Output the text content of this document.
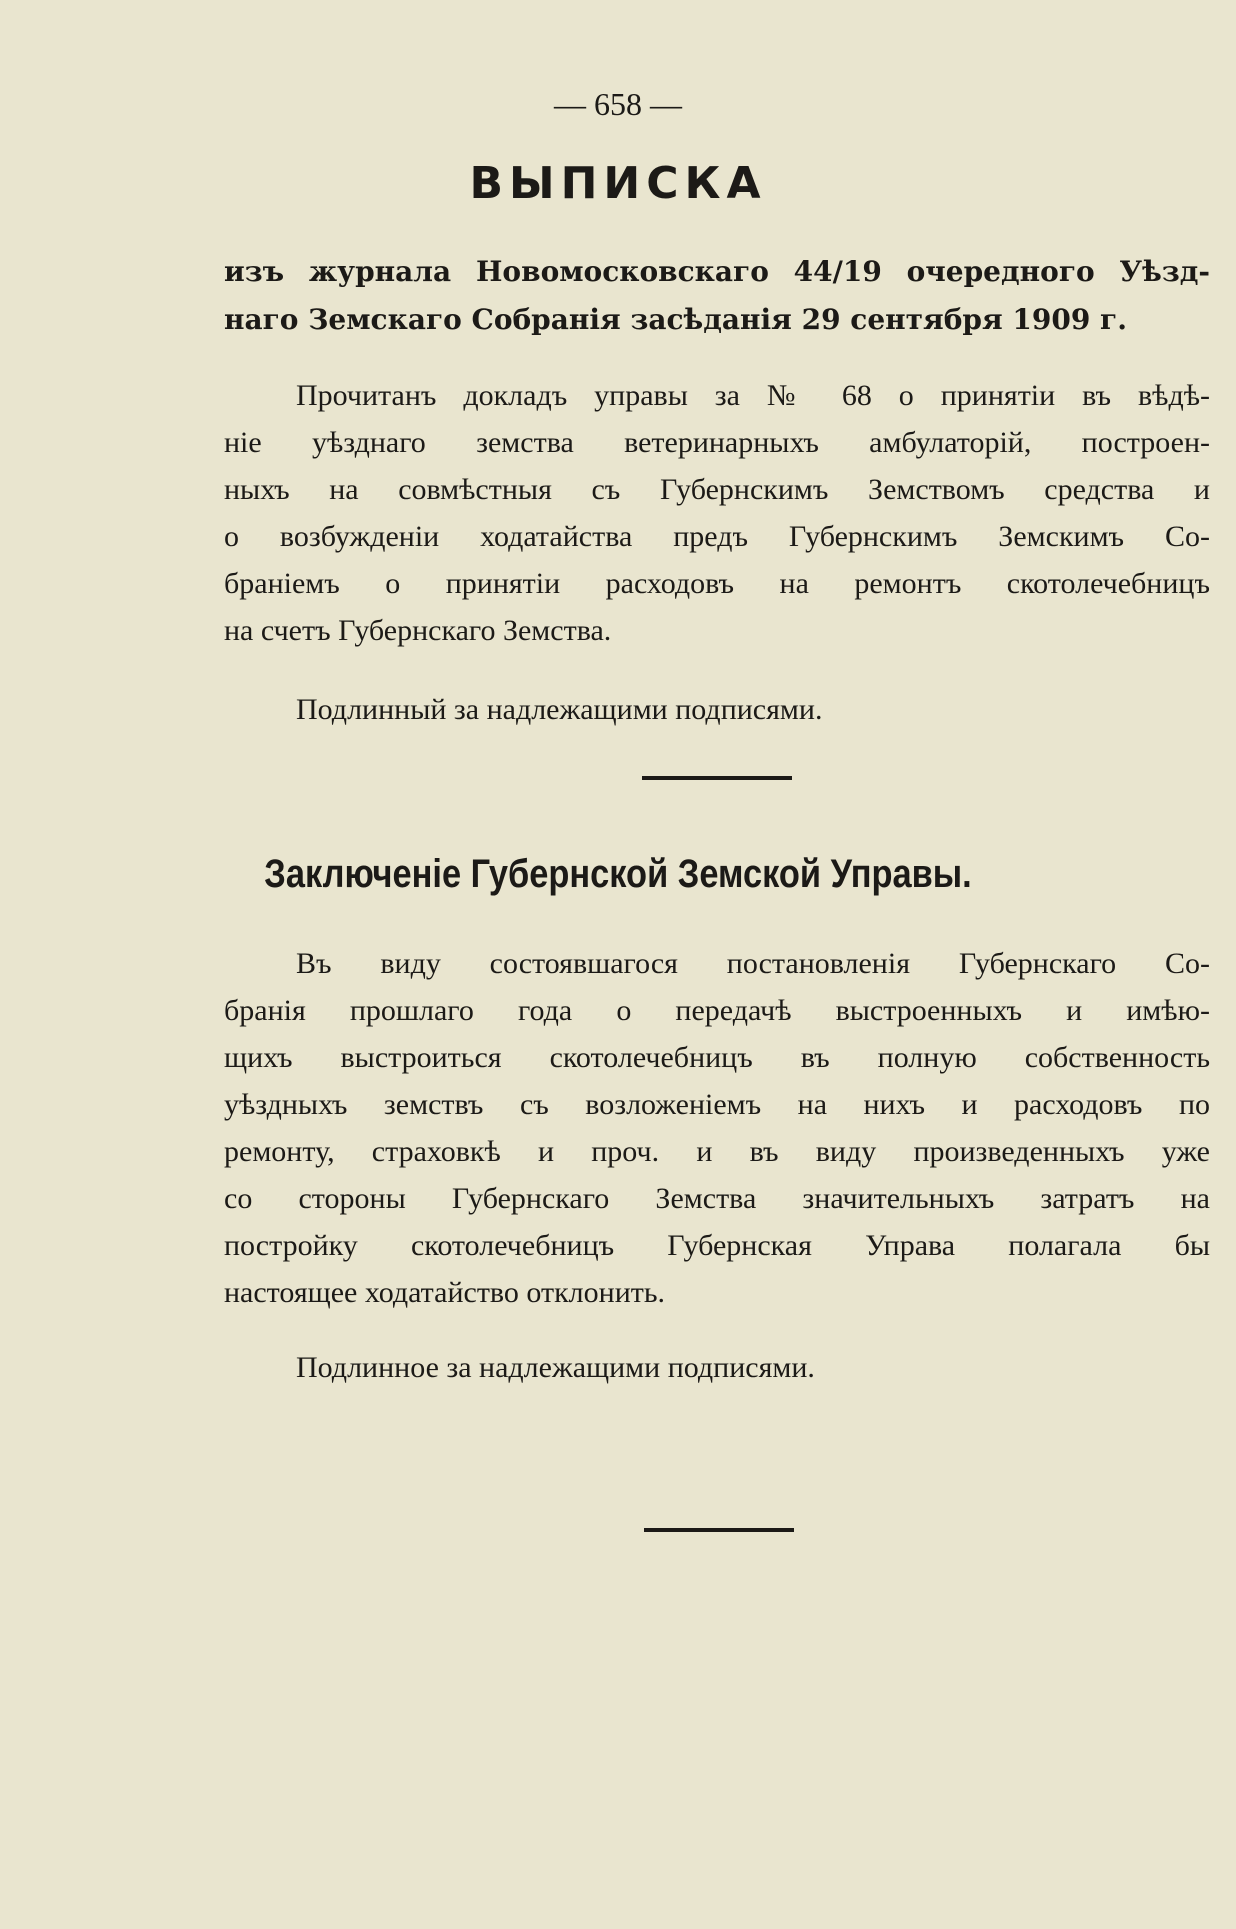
— 658 —
ВЫПИСКА
изъ журнала Новомосковскаго 44/19 очередного Уѣзд-
наго Земскаго Собранія засѣданія 29 сентября 1909 г.
Прочитанъ докладъ управы за № 68 о принятіи въ вѣдѣ-
ніе уѣзднаго земства ветеринарныхъ амбулаторій, построен-
ныхъ на совмѣстныя съ Губернскимъ Земствомъ средства и
о возбужденіи ходатайства предъ Губернскимъ Земскимъ Со-
браніемъ о принятіи расходовъ на ремонтъ скотолечебницъ
на счетъ Губернскаго Земства.
Подлинный за надлежащими подписями.
Заключеніе Губернской Земской Управы.
Въ виду состоявшагося постановленія Губернскаго Со-
бранія прошлаго года о передачѣ выстроенныхъ и имѣю-
щихъ выстроиться скотолечебницъ въ полную собственность
уѣздныхъ земствъ съ возложеніемъ на нихъ и расходовъ по
ремонту, страховкѣ и проч. и въ виду произведенныхъ уже
со стороны Губернскаго Земства значительныхъ затратъ на
постройку скотолечебницъ Губернская Управа полагала бы
настоящее ходатайство отклонить.
Подлинное за надлежащими подписями.
